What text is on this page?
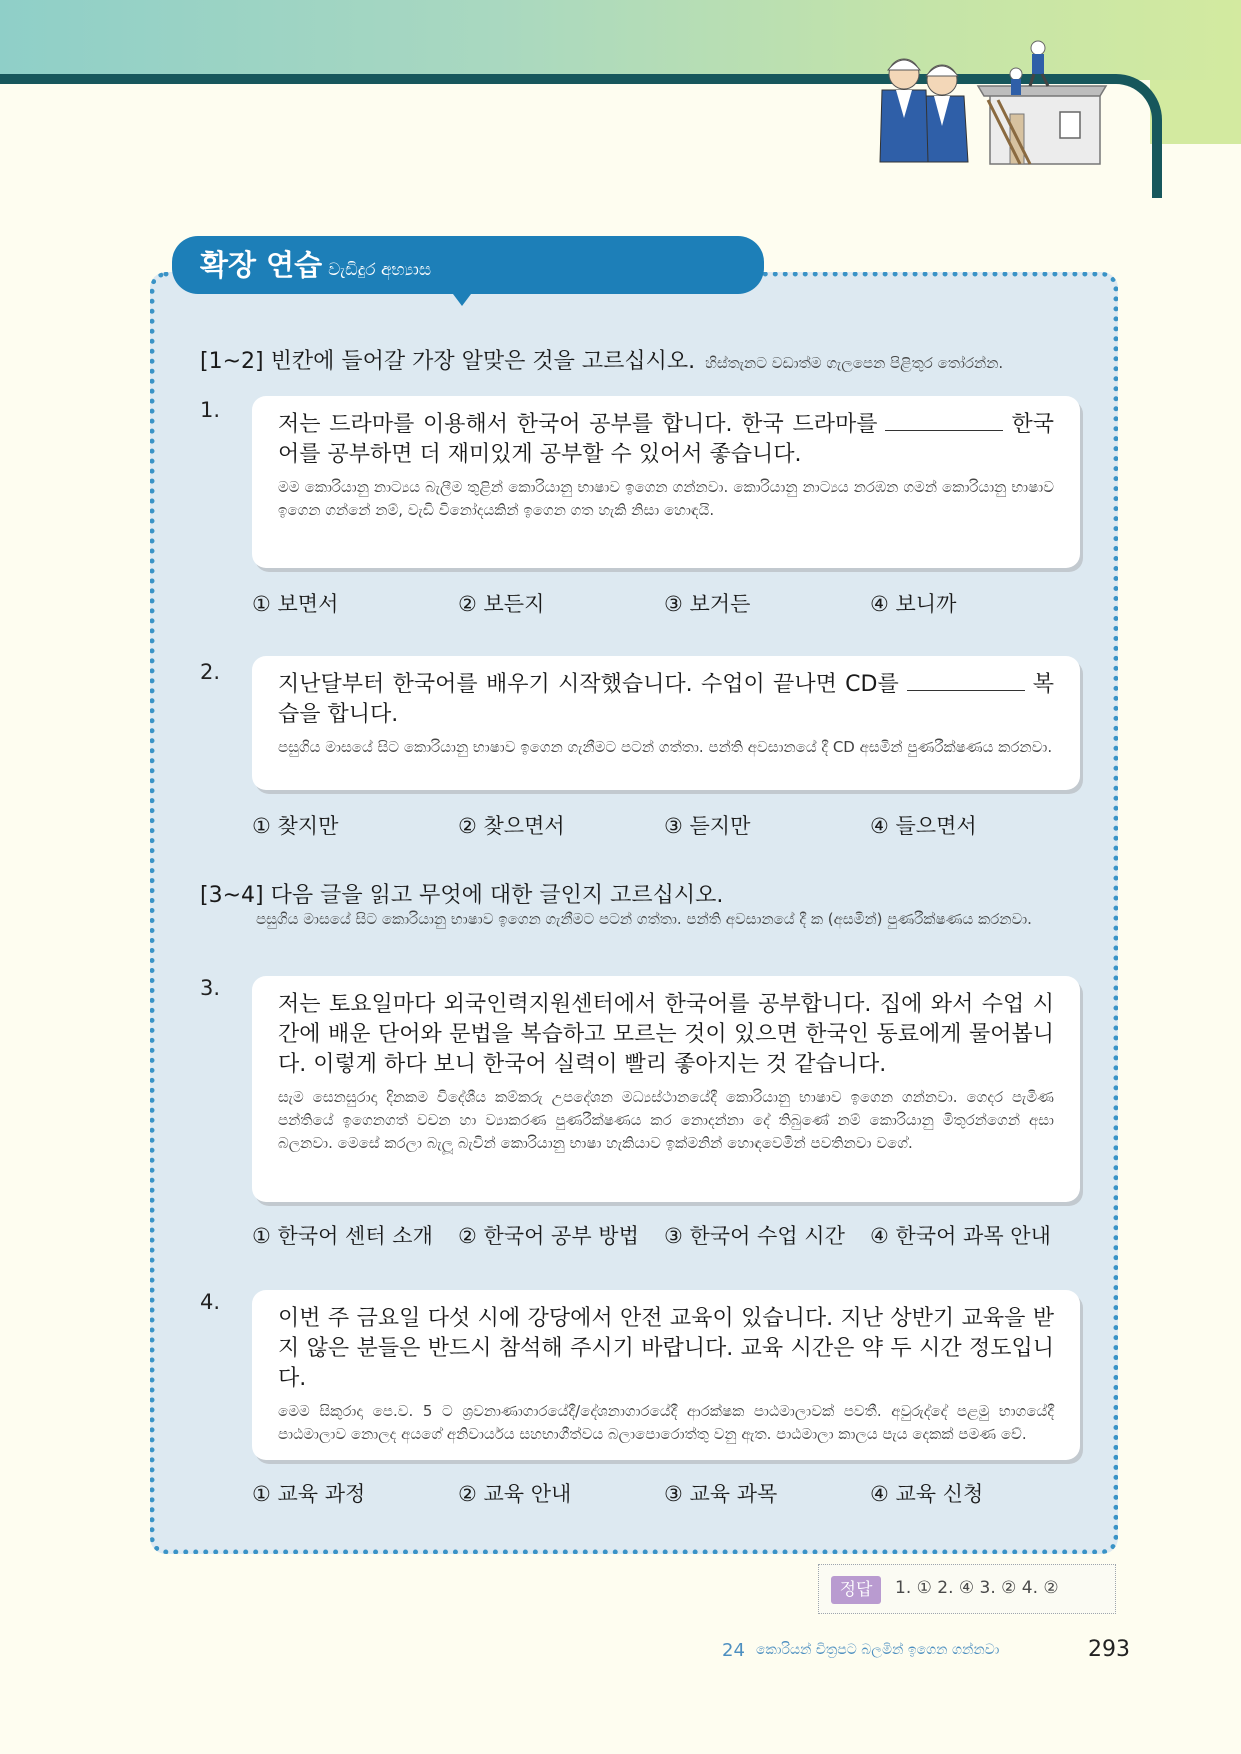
확장 연습 වැඩිදුර අභ්‍යාස
[1~2] 빈칸에 들어갈 가장 알맞은 것을 고르십시오. හිස්තැනට වඩාත්ම ගැලපෙන පිළිතුර තෝරන්න.
1.
저는 드라마를 이용해서 한국어 공부를 합니다. 한국 드라마를	한국어를 공부하면 더 재미있게 공부할 수 있어서 좋습니다.
මම කොරියානු නාට්‍යය බැලීම තුළින් කොරියානු භාෂාව ඉගෙන ගන්නවා. කොරියානු නාට්‍යය නරඹන ගමන් කොරියානු භාෂාව ඉගෙන ගන්නේ නම්, වැඩි විනෝදයකින් ඉගෙන ගත හැකි නිසා හොඳයි.
① 보면서	② 보든지	③ 보거든	④ 보니까
2.	지난달부터 한국어를 배우기 시작했습니다. 수업이 끝나면 CD를	복습을 합니다.
පසුගිය මාසයේ සිට කොරියානු භාෂාව ඉගෙන ගැනීමට පටන් ගත්තා. පන්ති අවසානයේ දී CD අසමින් පුණරීක්ෂණය කරනවා.
① 찾지만	② 찾으면서	③ 듣지만	④ 들으면서
[3~4] 다음 글을 읽고 무엇에 대한 글인지 고르십시오.
පසුගිය මාසයේ සිට කොරියානු භාෂාව ඉගෙන ගැනීමට පටන් ගත්තා. පන්ති අවසානයේ දී ක (අසමින්) පුණරීක්ෂණය කරනවා.
3.
저는 토요일마다 외국인력지원센터에서 한국어를 공부합니다. 집에 와서 수업 시간에 배운 단어와 문법을 복습하고 모르는 것이 있으면 한국인 동료에게 물어봅니다. 이렇게 하다 보니 한국어 실력이 빨리 좋아지는 것 같습니다.
සැම සෙනසුරාදා දිනකම විදේශීය කම්කරු උපදේශන මධ්‍යස්ථානයේදී කොරියානු භාෂාව ඉගෙන ගන්නවා. ගෙදර පැමිණ පන්තියේ ඉගෙනගත් වචන හා ව්‍යාකරණ පුණරීක්ෂණය කර නොදන්නා දේ තිබුණේ නම් කොරියානු මිතුරන්ගෙන් අසා බලනවා. මෙසේ කරලා බැලූ බැවින් කොරියානු භාෂා හැකියාව ඉක්මනින් හොඳවෙමින් පවතිනවා වගේ.
① 한국어 센터 소개 ② 한국어 공부 방법 ③ 한국어 수업 시간 ④ 한국어 과목 안내
4.
이번 주 금요일 다섯 시에 강당에서 안전 교육이 있습니다. 지난 상반기 교육을 받지 않은 분들은 반드시 참석해 주시기 바랍니다. 교육 시간은 약 두 시간 정도입니다.
මෙම සිකුරාදා පෙ.ව. 5 ට ශ්‍රවනාණාගාරයේදී/දේශනාගාරයේදී ආරක්ෂක පාඨමාලාවක් පවතී. අවුරුද්දේ පළමු භාගයේදී පාඨමාලාව නොලද අයගේ අනිවාර්යය සහභාගීත්වය බලාපොරොත්තු වනු ඇත. පාඨමාලා කාලය පැය දෙකක් පමණ වේ.
① 교육 과정	② 교육 안내	③ 교육 과목	④ 교육 신청
정답	1. ① 2. ④ 3. ② 4. ②
24 කොරියන් චිත්‍රපට බලමින් ඉගෙන ගන්නවා	293
